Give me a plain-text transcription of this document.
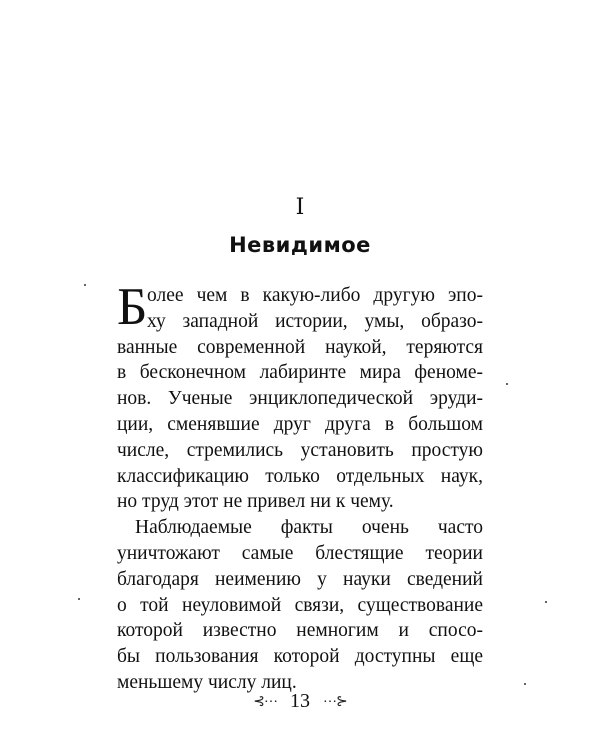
I
Невидимое
Б олее чем в какую-либо другую эпо-
ху западной истории, умы, образо-
ванные современной наукой, теряются
в бесконечном лабиринте мира феноме-
нов. Ученые энциклопедической эруди-
ции, сменявшие друг друга в большом
числе, стремились установить простую
классификацию только отдельных наук,
но труд этот не привел ни к чему.
Наблюдаемые факты очень часто
уничтожают самые блестящие теории
благодаря неимению у науки сведений
о той неуловимой связи, существование
которой известно немногим и спосо-
бы пользования которой доступны еще
меньшему числу лиц.
⊰⋯ 13 ⋯⊱
